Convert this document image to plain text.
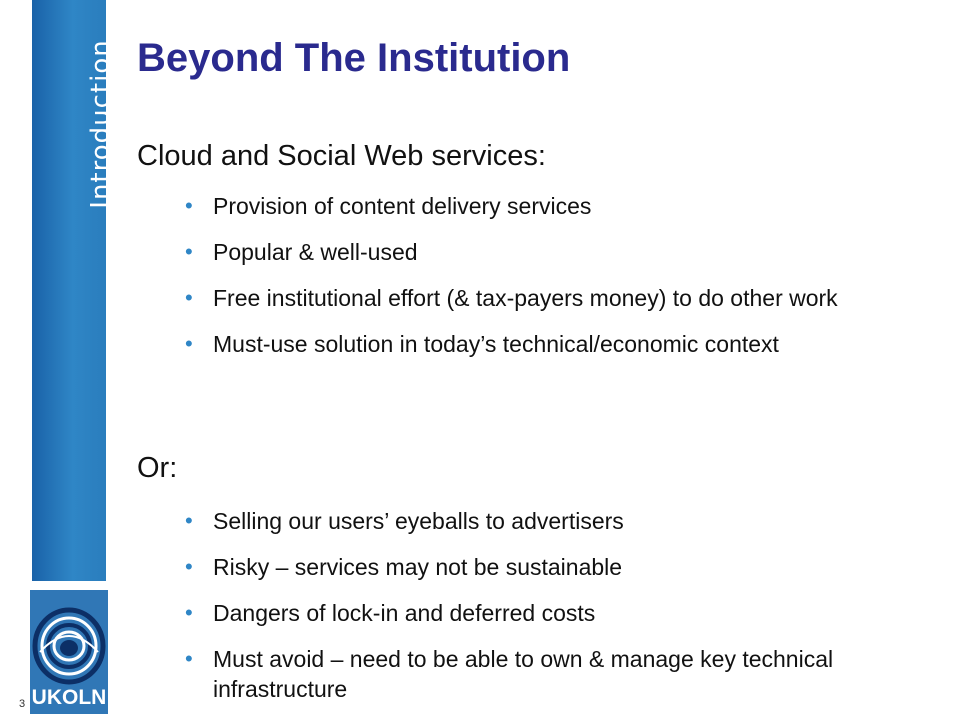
Introduction
UKOLN
3
Beyond The Institution

Cloud and Social Web services:

• Provision of content delivery services
• Popular & well-used
• Free institutional effort (& tax-payers money) to do other work
• Must-use solution in today’s technical/economic context

Or:

• Selling our users’ eyeballs to advertisers
• Risky – services may not be sustainable
• Dangers of lock-in and deferred costs
• Must avoid – need to be able to own & manage key technical infrastructure
